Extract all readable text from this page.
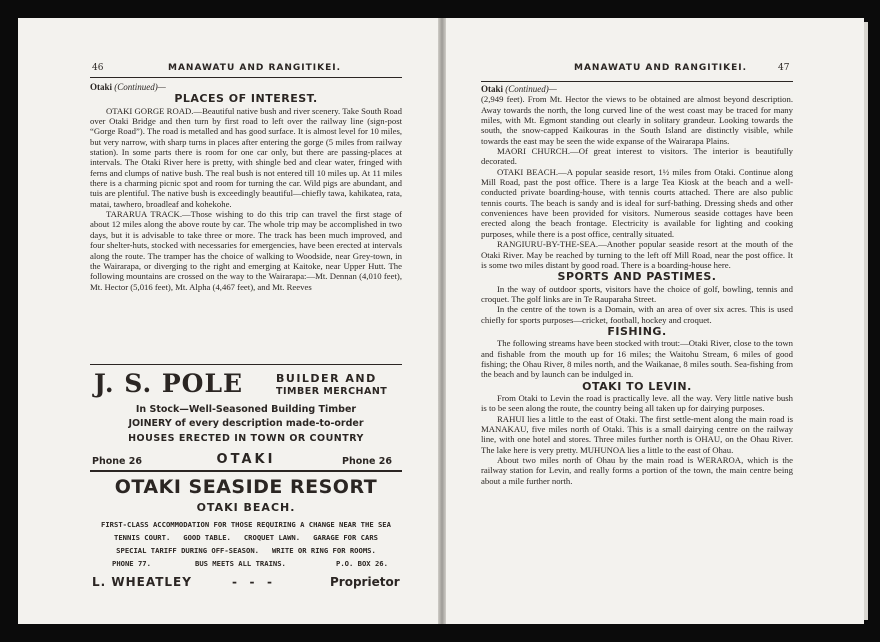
46	MANAWATU AND RANGITIKEI.
Otaki (Continued)—
PLACES OF INTEREST.

OTAKI GORGE ROAD.—Beautiful native bush and river scenery. Take South Road over Otaki Bridge and then turn by first road to left over the railway line (sign-post “Gorge Road”). The road is metalled and has good surface. It is almost level for 10 miles, but very narrow, with sharp turns in places after entering the gorge (5 miles from railway station). In some parts there is room for one car only, but there are passing-places at intervals. The Otaki River here is pretty, with shingle bed and clear water, fringed with ferns and clumps of native bush. The real bush is not entered till 10 miles up. At 11 miles there is a charming picnic spot and room for turning the car. Wild pigs are abundant, and tuis are plentiful. The native bush is exceedingly beautiful—chiefly tawa, kahikatea, rata, matai, tawhero, broadleaf and kohekohe.

TARARUA TRACK.—Those wishing to do this trip can travel the first stage of about 12 miles along the above route by car. The whole trip may be accomplished in two days, but it is advisable to take three or more. The track has been much improved, and four shelter-huts, stocked with necessaries for emergencies, have been erected at intervals along the route. The tramper has the choice of walking to Woodside, near Grey-town, in the Wairarapa, or diverging to the right and emerging at Kaitoke, near Upper Hutt. The following mountains are crossed on the way to the Wairarapa:—Mt. Dennan (4,010 feet), Mt. Hector (5,016 feet), Mt. Alpha (4,467 feet), and Mt. Reeves

J. S. POLE	BUILDER AND
TIMBER MERCHANT
In Stock—Well-Seasoned Building Timber
JOINERY of every description made-to-order
HOUSES ERECTED IN TOWN OR COUNTRY
Phone 26	OTAKI	Phone 26
OTAKI SEASIDE RESORT
OTAKI BEACH.
FIRST-CLASS ACCOMMODATION FOR THOSE REQUIRING A CHANGE NEAR THE SEA
TENNIS COURT.   GOOD TABLE.   CROQUET LAWN.   GARAGE FOR CARS
SPECIAL TARIFF DURING OFF-SEASON.   WRITE OR RING FOR ROOMS.
PHONE 77.	BUS MEETS ALL TRAINS.	P.O. BOX 26.
L. WHEATLEY	-   -   -	Proprietor
MANAWATU AND RANGITIKEI.	47
Otaki (Continued)—

(2,949 feet). From Mt. Hector the views to be obtained are almost beyond description. Away towards the north, the long curved line of the west coast may be traced for many miles, with Mt. Egmont standing out clearly in solitary grandeur. Looking towards the south, the snow-capped Kaikouras in the South Island are distinctly visible, while towards the east may be seen the wide expanse of the Wairarapa Plains.

MAORI CHURCH.—Of great interest to visitors. The interior is beautifully decorated.

OTAKI BEACH.—A popular seaside resort, 1½ miles from Otaki. Continue along Mill Road, past the post office. There is a large Tea Kiosk at the beach and a well-conducted private boarding-house, with tennis courts attached. There are also public tennis courts. The beach is sandy and is ideal for surf-bathing. Dressing sheds and other conveniences have been provided for visitors. Numerous seaside cottages have been erected along the beach frontage. Electricity is available for lighting and cooking purposes, while there is a post office, centrally situated.

RANGIURU-BY-THE-SEA.—Another popular seaside resort at the mouth of the Otaki River. May be reached by turning to the left off Mill Road, near the post office. It is some two miles distant by good road. There is a boarding-house here.

SPORTS AND PASTIMES.

In the way of outdoor sports, visitors have the choice of golf, bowling, tennis and croquet. The golf links are in Te Rauparaha Street.

In the centre of the town is a Domain, with an area of over six acres. This is used chiefly for sports purposes—cricket, football, hockey and croquet.

FISHING.

The following streams have been stocked with trout:—Otaki River, close to the town and fishable from the mouth up for 16 miles; the Waitohu Stream, 6 miles of good fishing; the Ohau River, 8 miles north, and the Waikanae, 8 miles south. Sea-fishing from the beach and by launch can be indulged in.

OTAKI TO LEVIN.

From Otaki to Levin the road is practically leve. all the way. Very little native bush is to be seen along the route, the country being all taken up for dairying purposes.

RAHUI lies a little to the east of Otaki. The first settle-ment along the main road is MANAKAU, five miles north of Otaki. This is a small dairying centre on the railway line, with one hotel and stores. Three miles further north is OHAU, on the Ohau River. The lake here is very pretty. MUHUNOA lies a little to the east of Ohau.

About two miles north of Ohau by the main road is WERAROA, which is the railway station for Levin, and really forms a portion of the town, the main centre being about a mile further north.
